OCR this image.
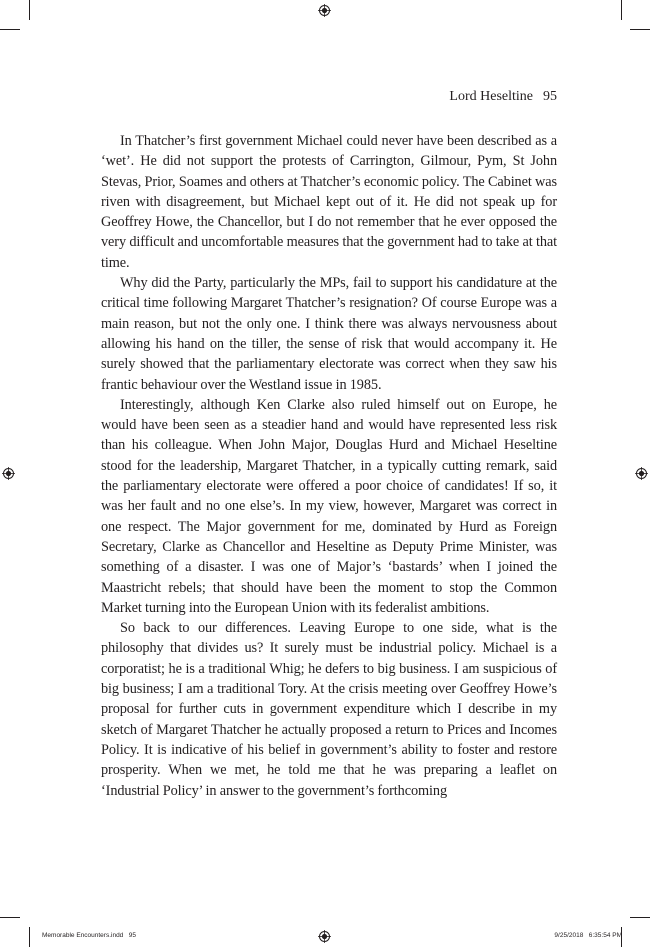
Lord Heseltine 95

In Thatcher’s first government Michael could never have been described as a ‘wet’. He did not support the protests of Carrington, Gilmour, Pym, St John Stevas, Prior, Soames and others at Thatcher’s economic policy. The Cabinet was riven with disagreement, but Michael kept out of it. He did not speak up for Geoffrey Howe, the Chancellor, but I do not remember that he ever opposed the very difficult and uncomfortable measures that the government had to take at that time.

Why did the Party, particularly the MPs, fail to support his candidature at the critical time following Margaret Thatcher’s resignation? Of course Europe was a main reason, but not the only one. I think there was always nervousness about allowing his hand on the tiller, the sense of risk that would accompany it. He surely showed that the parliamentary electorate was correct when they saw his frantic behaviour over the Westland issue in 1985.

Interestingly, although Ken Clarke also ruled himself out on Europe, he would have been seen as a steadier hand and would have represented less risk than his colleague. When John Major, Douglas Hurd and Michael Heseltine stood for the leadership, Margaret Thatcher, in a typically cutting remark, said the parliamentary electorate were offered a poor choice of candidates! If so, it was her fault and no one else’s. In my view, however, Margaret was correct in one respect. The Major government for me, dominated by Hurd as Foreign Secretary, Clarke as Chancellor and Heseltine as Deputy Prime Minister, was something of a disaster. I was one of Major’s ‘bastards’ when I joined the Maastricht rebels; that should have been the moment to stop the Common Market turning into the European Union with its federalist ambitions.

So back to our differences. Leaving Europe to one side, what is the philosophy that divides us? It surely must be industrial policy. Michael is a corporatist; he is a traditional Whig; he defers to big business. I am suspicious of big business; I am a traditional Tory. At the crisis meeting over Geoffrey Howe’s proposal for further cuts in government expenditure which I describe in my sketch of Margaret Thatcher he actually proposed a return to Prices and Incomes Policy. It is indicative of his belief in government’s ability to foster and restore prosperity. When we met, he told me that he was preparing a leaflet on ‘Industrial Policy’ in answer to the government’s forthcoming

Memorable Encounters.indd   95	9/25/2018   6:35:54 PM
